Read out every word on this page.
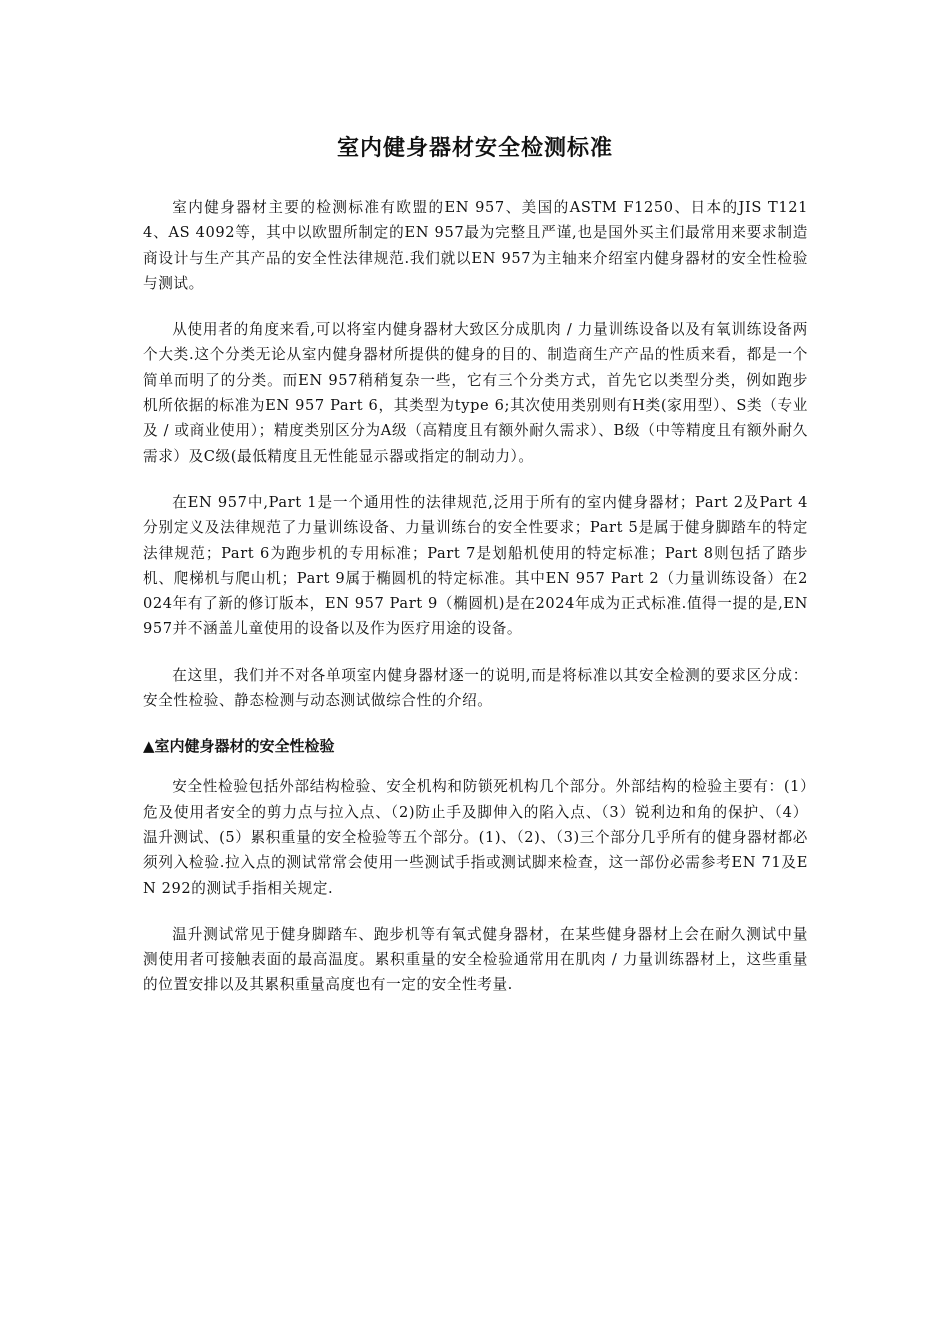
室内健身器材安全检测标准

室内健身器材主要的检测标准有欧盟的EN 957、美国的ASTM F1250、日本的JIS T1214、AS 4092等，其中以欧盟所制定的EN 957最为完整且严谨,也是国外买主们最常用来要求制造商设计与生产其产品的安全性法律规范.我们就以EN 957为主轴来介绍室内健身器材的安全性检验与测试。

从使用者的角度来看,可以将室内健身器材大致区分成肌肉 / 力量训练设备以及有氧训练设备两个大类.这个分类无论从室内健身器材所提供的健身的目的、制造商生产产品的性质来看，都是一个简单而明了的分类。而EN 957稍稍复杂一些，它有三个分类方式，首先它以类型分类，例如跑步机所依据的标准为EN 957 Part 6，其类型为type 6;其次使用类别则有H类(家用型）、S类（专业及 / 或商业使用）；精度类别区分为A级（高精度且有额外耐久需求）、B级（中等精度且有额外耐久需求）及C级(最低精度且无性能显示器或指定的制动力）。

在EN 957中,Part 1是一个通用性的法律规范,泛用于所有的室内健身器材；Part 2及Part 4分别定义及法律规范了力量训练设备、力量训练台的安全性要求；Part 5是属于健身脚踏车的特定法律规范；Part 6为跑步机的专用标准；Part 7是划船机使用的特定标准；Part 8则包括了踏步机、爬梯机与爬山机；Part 9属于椭圆机的特定标准。其中EN 957 Part 2（力量训练设备）在2024年有了新的修订版本，EN 957 Part 9（椭圆机)是在2024年成为正式标准.值得一提的是,EN 957并不涵盖儿童使用的设备以及作为医疗用途的设备。

在这里，我们并不对各单项室内健身器材逐一的说明,而是将标准以其安全检测的要求区分成：安全性检验、静态检测与动态测试做综合性的介绍。

▲室内健身器材的安全性检验

安全性检验包括外部结构检验、安全机构和防锁死机构几个部分。外部结构的检验主要有：(1）危及使用者安全的剪力点与拉入点、（2)防止手及脚伸入的陷入点、（3）锐利边和角的保护、（4）温升测试、(5）累积重量的安全检验等五个部分。(1)、（2)、（3)三个部分几乎所有的健身器材都必须列入检验.拉入点的测试常常会使用一些测试手指或测试脚来检查，这一部份必需参考EN 71及EN 292的测试手指相关规定.

温升测试常见于健身脚踏车、跑步机等有氧式健身器材，在某些健身器材上会在耐久测试中量测使用者可接触表面的最高温度。累积重量的安全检验通常用在肌肉 / 力量训练器材上，这些重量的位置安排以及其累积重量高度也有一定的安全性考量.
